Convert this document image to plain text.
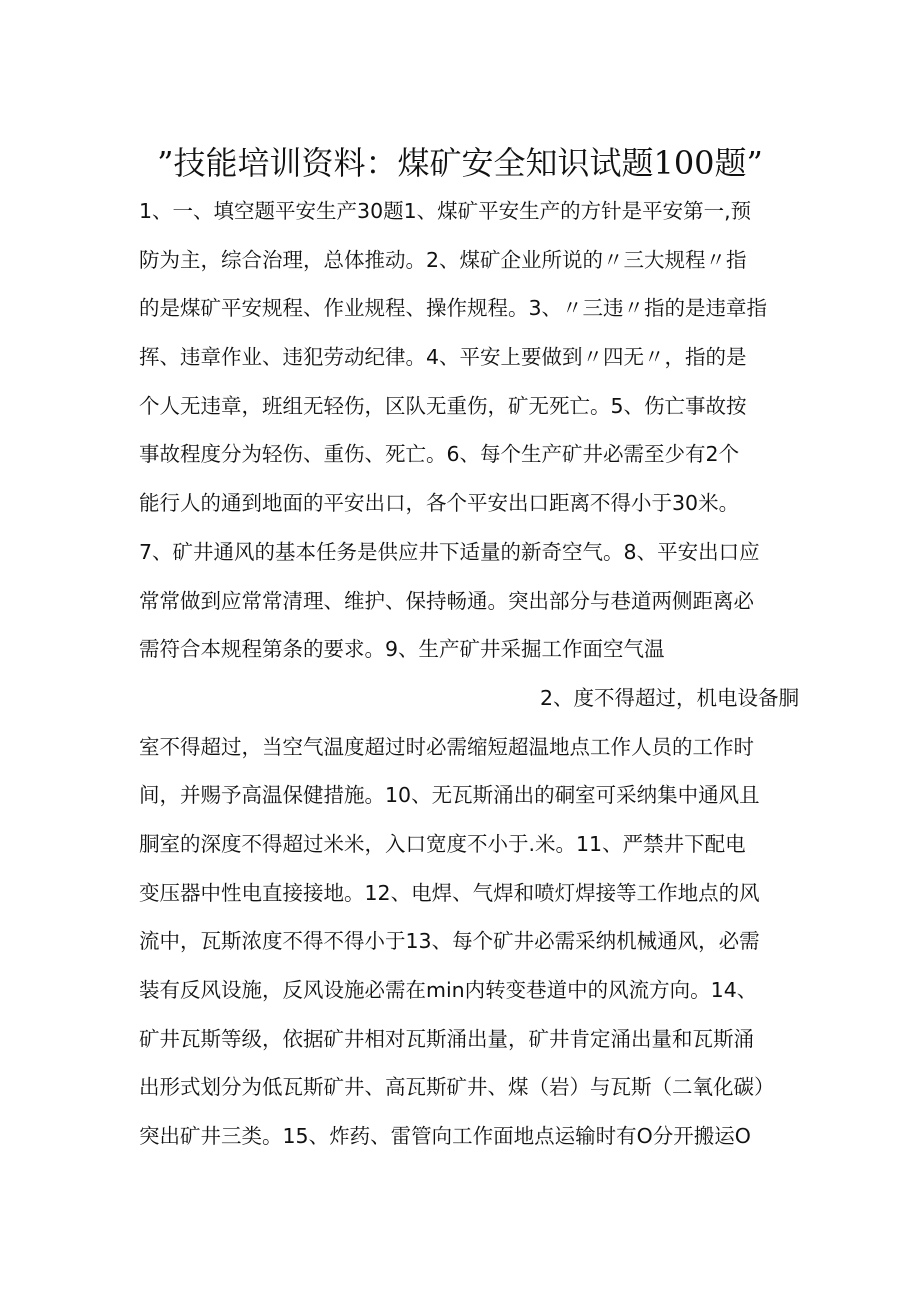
”技能培训资料：煤矿安全知识试题100题”
1、一、填空题平安生产30题1、煤矿平安生产的方针是平安第一,预
防为主，综合治理，总体推动。2、煤矿企业所说的〃三大规程〃指
的是煤矿平安规程、作业规程、操作规程。3、〃三违〃指的是违章指
挥、违章作业、违犯劳动纪律。4、平安上要做到〃四无〃，指的是
个人无违章，班组无轻伤，区队无重伤，矿无死亡。5、伤亡事故按
事故程度分为轻伤、重伤、死亡。6、每个生产矿井必需至少有2个
能行人的通到地面的平安出口，各个平安出口距离不得小于30米。
7、矿井通风的基本任务是供应井下适量的新奇空气。8、平安出口应
常常做到应常常清理、维护、保持畅通。突出部分与巷道两侧距离必
需符合本规程第条的要求。9、生产矿井采掘工作面空气温
2、度不得超过，机电设备胴
室不得超过，当空气温度超过时必需缩短超温地点工作人员的工作时
间，并赐予高温保健措施。10、无瓦斯涌出的硐室可采纳集中通风且
胴室的深度不得超过米米，入口宽度不小于.米。11、严禁井下配电
变压器中性电直接接地。12、电焊、气焊和喷灯焊接等工作地点的风
流中，瓦斯浓度不得不得小于13、每个矿井必需采纳机械通风，必需
装有反风设施，反风设施必需在min内转变巷道中的风流方向。14、
矿井瓦斯等级，依据矿井相对瓦斯涌出量，矿井肯定涌出量和瓦斯涌
出形式划分为低瓦斯矿井、高瓦斯矿井、煤（岩）与瓦斯（二氧化碳）
突出矿井三类。15、炸药、雷管向工作面地点运输时有O分开搬运O
